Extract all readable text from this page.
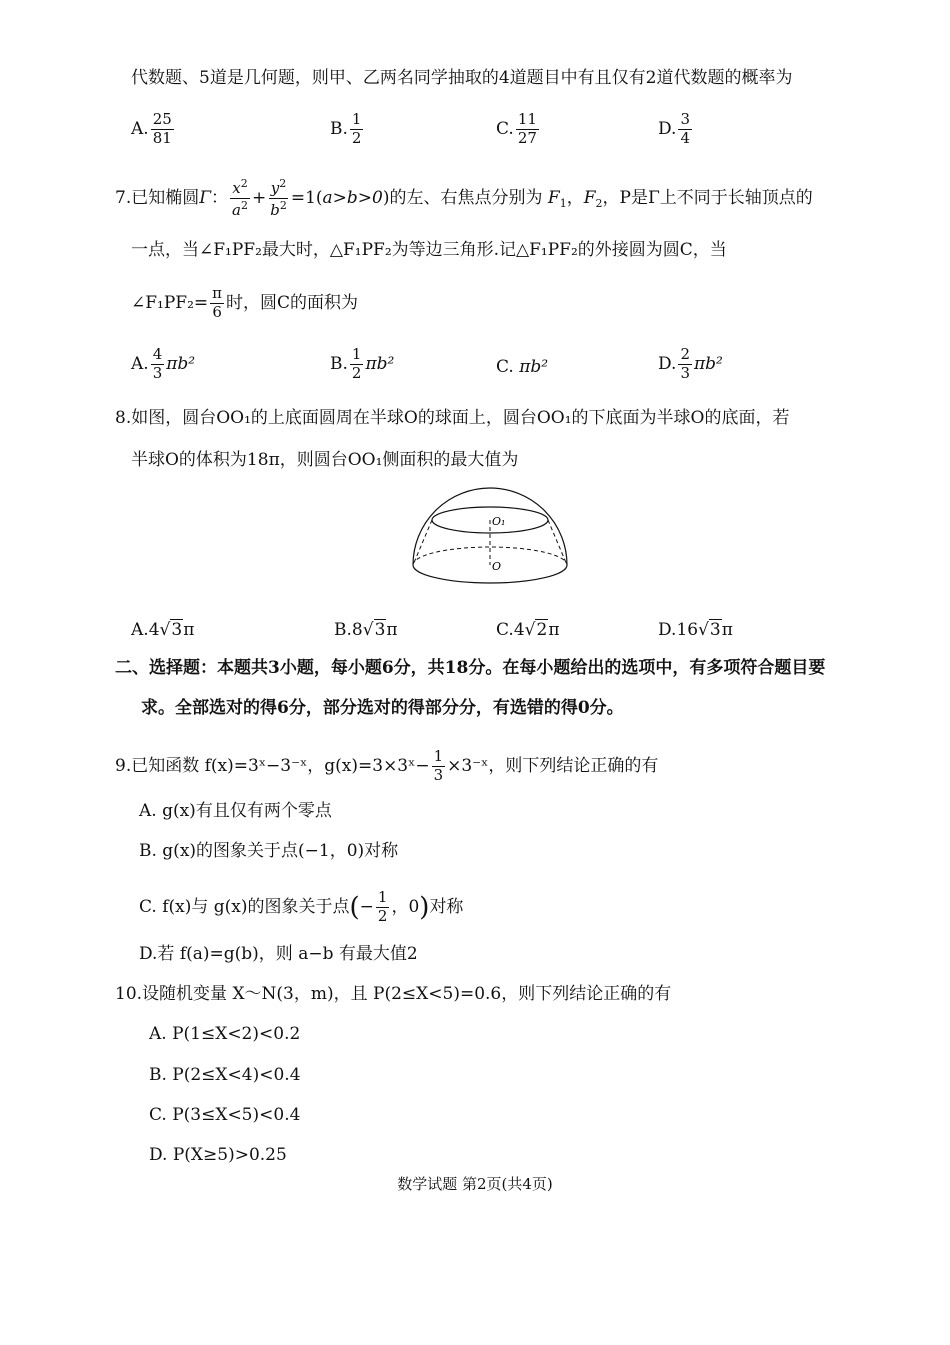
代数题、5道是几何题，则甲、乙两名同学抽取的4道题目中有且仅有2道代数题的概率为
A. $\frac{25}{81}$	B. $\frac{1}{2}$	C. $\frac{11}{27}$	D. $\frac{3}{4}$
7.已知椭圆Γ： $\frac{x^2}{a^2} + \frac{y^2}{b^2} =1(a>b>0)$的左、右焦点分别为 $F_1$，$F_2$，P是Γ上不同于长轴顶点的
一点，当∠F₁PF₂最大时，△F₁PF₂为等边三角形.记△F₁PF₂的外接圆为圆C，当
∠F₁PF₂= $\frac{\pi}{6}$ 时，圆C的面积为
A. $\frac{4}{3} \pi b^2$	B. $\frac{1}{2} \pi b^2$	C. πb²	D. $\frac{2}{3} \pi b^2$
8.如图，圆台OO₁的上底面圆周在半球O的球面上，圆台OO₁的下底面为半球O的底面，若
半球O的体积为18π，则圆台OO₁侧面积的最大值为
O₁
O
A.4√3π	B.8√3π	C.4√2π	D.16√3π
二、选择题：本题共3小题，每小题6分，共18分。在每小题给出的选项中，有多项符合题目要
求。全部选对的得6分，部分选对的得部分分，有选错的得0分。
9.已知函数 f(x)=3ˣ−3⁻ˣ，g(x)=3×3ˣ− $\frac{1}{3}$ ×3⁻ˣ，则下列结论正确的有
A. g(x)有且仅有两个零点
B. g(x)的图象关于点(−1，0)对称
C. f(x)与 g(x)的图象关于点(− $\frac{1}{2}$ ，0)对称
D.若 f(a)=g(b)，则 a−b 有最大值2
10.设随机变量 X～N(3，m)，且 P(2≤X<5)=0.6，则下列结论正确的有
A. P(1≤X<2)<0.2
B. P(2≤X<4)<0.4
C. P(3≤X<5)<0.4
D. P(X≥5)>0.25
数学试题 第2页(共4页)
